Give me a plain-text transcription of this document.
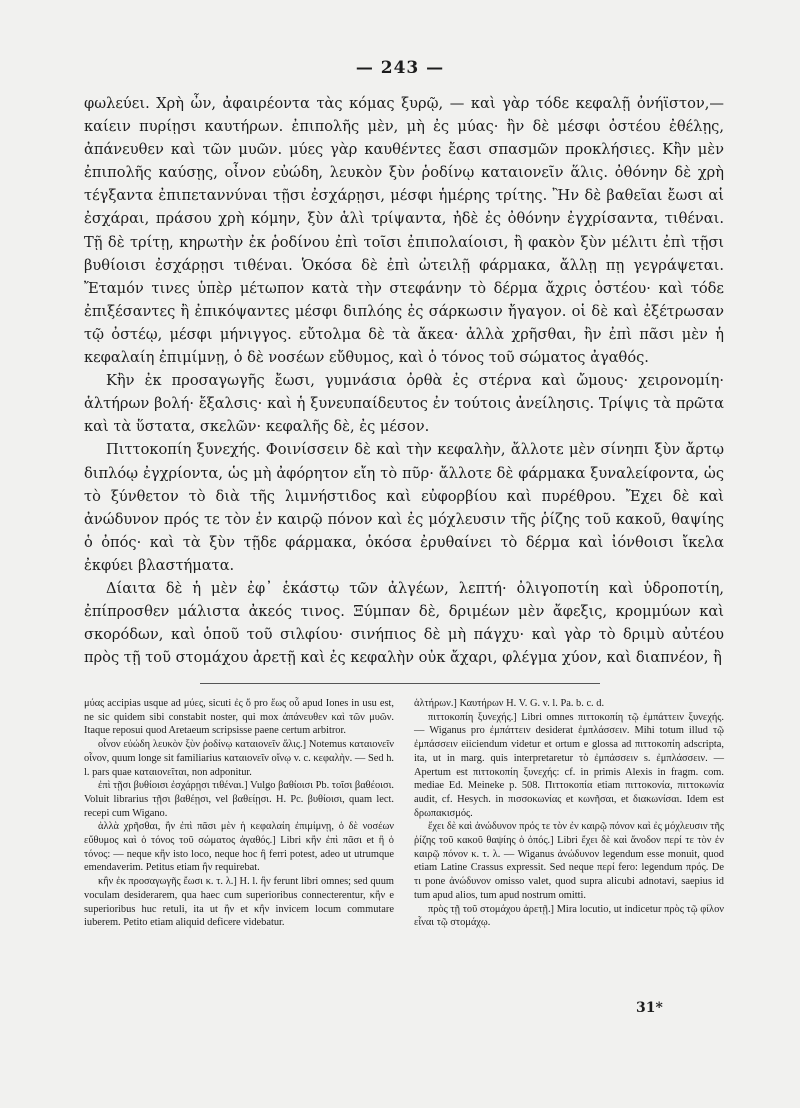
— 243 —

φωλεύει. Χρὴ ὦν, ἀφαιρέοντα τὰς κόμας ξυρῷ, — καὶ γὰρ τόδε κεφαλῇ ὀνήϊστον,— καίειν πυρίῃσι καυτήρων. ἐπιπολῆς μὲν, μὴ ἐς μύας· ἢν δὲ μέσφι ὀστέου ἐθέλῃς, ἀπάνευθεν καὶ τῶν μυῶν. μύες γὰρ καυθέντες ἔασι σπασμῶν προκλήσιες. Κἢν μὲν ἐπιπολῆς καύσῃς, οἶνον εὐώδη, λευκὸν ξὺν ῥοδίνῳ καταιονεῖν ἅλις. ὀθόνην δὲ χρὴ τέγξαντα ἐπιπεταννύναι τῇσι ἐσχάρῃσι, μέσφι ἡμέρης τρίτης. Ἢν δὲ βαθεῖαι ἔωσι αἱ ἐσχάραι, πράσου χρὴ κόμην, ξὺν ἁλὶ τρίψαντα, ἠδὲ ἐς ὀθόνην ἐγχρίσαντα, τιθέναι. Τῇ δὲ τρίτῃ, κηρωτὴν ἐκ ῥοδίνου ἐπὶ τοῖσι ἐπιπολαίοισι, ἢ φακὸν ξὺν μέλιτι ἐπὶ τῇσι βυθίοισι ἐσχάρῃσι τιθέναι. Ὁκόσα δὲ ἐπὶ ὠτειλῇ φάρμακα, ἄλλῃ πῃ γεγράψεται. Ἔταμόν τινες ὑπὲρ μέτωπον κατὰ τὴν στεφάνην τὸ δέρμα ἄχρις ὀστέου· καὶ τόδε ἐπιξέσαντες ἢ ἐπικόψαντες μέσφι διπλόης ἐς σάρκωσιν ἤγαγον. οἱ δὲ καὶ ἐξέτρωσαν τῷ ὀστέῳ, μέσφι μήνιγγος. εὔτολμα δὲ τὰ ἄκεα· ἀλλὰ χρῆσθαι, ἢν ἐπὶ πᾶσι μὲν ἡ κεφαλαίη ἐπιμίμνῃ, ὁ δὲ νοσέων εὔθυμος, καὶ ὁ τόνος τοῦ σώματος ἀγαθός.

Κἢν ἐκ προσαγωγῆς ἔωσι, γυμνάσια ὀρθὰ ἐς στέρνα καὶ ὤμους· χειρονομίη· ἁλτήρων βολή· ἔξαλσις· καὶ ἡ ξυνευπαίδευτος ἐν τούτοις ἀνείλησις. Τρίψις τὰ πρῶτα καὶ τὰ ὕστατα, σκελῶν· κεφαλῆς δὲ, ἐς μέσον.

Πιττοκοπίη ξυνεχής. Φοινίσσειν δὲ καὶ τὴν κεφαλὴν, ἄλλοτε μὲν σίνηπι ξὺν ἄρτῳ διπλόῳ ἐγχρίοντα, ὡς μὴ ἀφόρητον εἴη τὸ πῦρ· ἄλλοτε δὲ φάρμακα ξυναλείφοντα, ὡς τὸ ξύνθετον τὸ διὰ τῆς λιμνήστιδος καὶ εὐφορβίου καὶ πυρέθρου. Ἔχει δὲ καὶ ἀνώδυνον πρός τε τὸν ἐν καιρῷ πόνον καὶ ἐς μόχλευσιν τῆς ῥίζης τοῦ κακοῦ, θαψίης ὁ ὀπός· καὶ τὰ ξὺν τῇδε φάρμακα, ὁκόσα ἐρυθαίνει τὸ δέρμα καὶ ἰόνθοισι ἴκελα ἐκφύει βλαστήματα.

Δίαιτα δὲ ἡ μὲν ἐφ᾽ ἑκάστῳ τῶν ἀλγέων, λεπτή· ὀλιγοποτίη καὶ ὑδροποτίη, ἐπίπροσθεν μάλιστα ἀκεός τινος. Ξύμπαν δὲ, δριμέων μὲν ἄφεξις, κρομμύων καὶ σκορόδων, καὶ ὁποῦ τοῦ σιλφίου· σινήπιος δὲ μὴ πάγχυ· καὶ γὰρ τὸ δριμὺ αὐτέου πρὸς τῇ τοῦ στομάχου ἀρετῇ καὶ ἐς κεφαλὴν οὐκ ἄχαρι, φλέγμα χύον, καὶ διαπνέον, ἢ

μύας accipias usque ad μύες, sicuti ἐς ὅ pro ἕως οὗ apud Iones in usu est, ne sic quidem sibi constabit noster, qui mox ἀπάνευθεν καὶ τῶν μυῶν. Itaque reposui quod Aretaeum scripsisse paene certum arbitror.

οἶνον εὐώδη λευκὸν ξὺν ῥοδίνῳ καταιονεῖν ἅλις.] Notemus καταιονεῖν οἶνον, quum longe sit familiarius καταιονεῖν οἴνῳ v. c. κεφαλὴν. — Sed h. l. pars quae καταιονεῖται, non adponitur.

ἐπὶ τῇσι βυθίοισι ἐσχάρῃσι τιθέναι.] Vulgo βαθίοισι Pb. τοῖσι βαθέοισι. Voluit librarius τῇσι βαθέῃσι, vel βαθείῃσι. H. Pc. βυθίοισι, quam lect. recepi cum Wigano.

ἀλλὰ χρῆσθαι, ἢν ἐπὶ πᾶσι μὲν ἡ κεφαλαίη ἐπιμίμνῃ, ὁ δὲ νοσέων εὔθυμος καὶ ὁ τόνος τοῦ σώματος ἀγαθός.] Libri κἢν ἐπὶ πᾶσι et ἢ ὁ τόνος: — neque κἢν isto loco, neque hoc ἢ ferri potest, adeo ut utrumque emendaverim. Petitus etiam ἢν requirebat.

κἢν ἐκ προσαγωγῆς ἔωσι κ. τ. λ.] H. l. ἢν ferunt libri omnes; sed quum voculam desiderarem, qua haec cum superioribus connecterentur, κἢν e superioribus huc retuli, ita ut ἢν et κἢν invicem locum commutare iuberem. Petito etiam aliquid deficere videbatur.

ἁλτήρων.] Καυτήρων H. V. G. v. l. Pa. b. c. d.

πιττοκοπίη ξυνεχής.] Libri omnes πιττοκοπίη τῷ ἐμπάττειν ξυνεχής. — Wiganus pro ἐμπάττειν desiderat ἐμπλάσσειν. Mihi totum illud τῷ ἐμπάσσειν eiiciendum videtur et ortum e glossa ad πιττοκοπίη adscripta, ita, ut in marg. quis interpretaretur τὸ ἐμπάσσειν s. ἐμπλάσσειν. — Apertum est πιττοκοπίη ξυνεχής: cf. in primis Alexis in fragm. com. mediae Ed. Meineke p. 508. Πιττοκοπία etiam πιττοκονία, πιττοκωνία audit, cf. Hesych. in πισσοκωνίας et κωνῆσαι, et διακωνίσαι. Idem est δρωπακισμός.

ἔχει δὲ καὶ ἀνώδυνον πρός τε τὸν ἐν καιρῷ πόνον καὶ ἐς μόχλευσιν τῆς ῥίζης τοῦ κακοῦ θαψίης ὁ ὀπός.] Libri ἔχει δὲ καὶ ἄνοδον περί τε τὸν ἐν καιρῷ πόνον κ. τ. λ. — Wiganus ἀνώδυνον legendum esse monuit, quod etiam Latine Crassus expressit. Sed neque περί fero: legendum πρός. De τι pone ἀνώδυνον omisso valet, quod supra alicubi adnotavi, saepius id tum apud alios, tum apud nostrum omitti.

πρὸς τῇ τοῦ στομάχου ἀρετῇ.] Mira locutio, ut indicetur πρὸς τῷ φίλον εἶναι τῷ στομάχῳ.

31*
